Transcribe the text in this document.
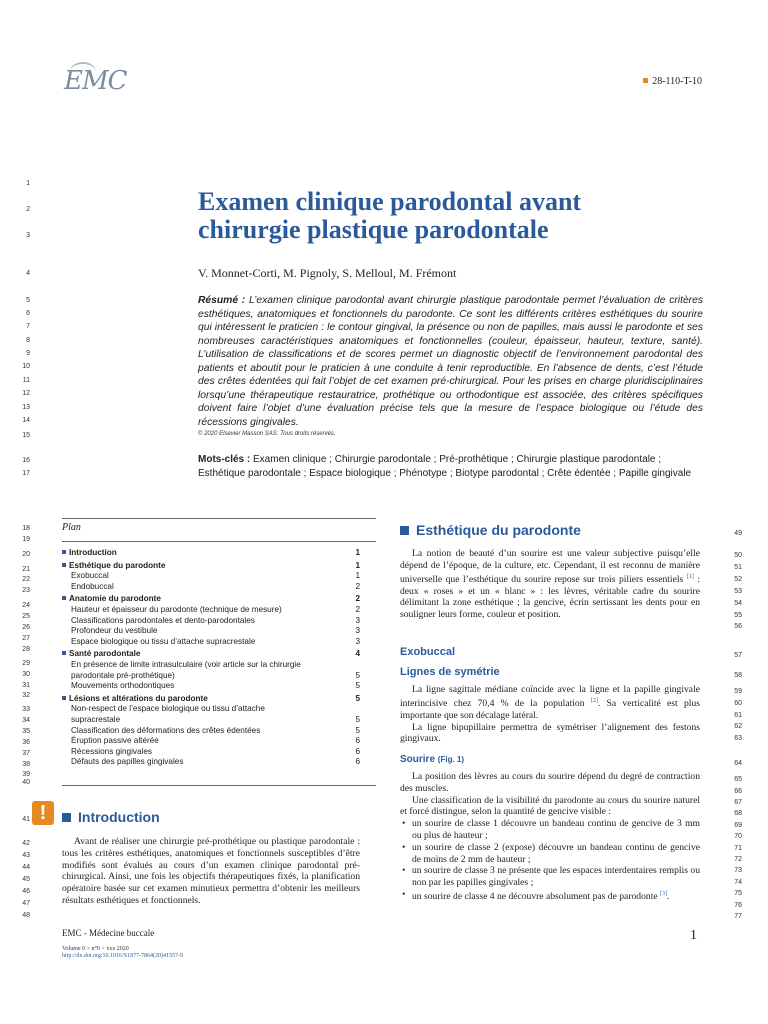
EMC	28-110-T-10
Examen clinique parodontal avant
chirurgie plastique parodontale
V. Monnet-Corti, M. Pignoly, S. Melloul, M. Frémont
Résumé : L’examen clinique parodontal avant chirurgie plastique parodontale permet l’évaluation de critères esthétiques, anatomiques et fonctionnels du parodonte. Ce sont les différents critères esthétiques du sourire qui intéressent le praticien : le contour gingival, la présence ou non de papilles, mais aussi le parodonte et ses nombreuses caractéristiques anatomiques et fonctionnelles (couleur, épaisseur, hauteur, texture, santé). L’utilisation de classifications et de scores permet un diagnostic objectif de l’environnement parodontal des patients et aboutit pour le praticien à une conduite à tenir reproductible. En l’absence de dents, c’est l’étude des crêtes édentées qui fait l’objet de cet examen pré-chirurgical. Pour les prises en charge pluridisciplinaires lorsqu’une thérapeutique restauratrice, prothétique ou orthodontique est associée, des critères spécifiques doivent faire l’objet d’une évaluation précise tels que la mesure de l’espace biologique ou l’étude des récessions gingivales.
© 2020 Elsevier Masson SAS. Tous droits réservés.
Mots-clés : Examen clinique ; Chirurgie parodontale ; Pré-prothétique ; Chirurgie plastique parodontale ; Esthétique parodontale ; Espace biologique ; Phénotype ; Biotype parodontal ; Crête édentée ; Papille gingivale
Plan
Introduction	1
Esthétique du parodonte	1
Exobuccal	1
Endobuccal	2
Anatomie du parodonte	2
Hauteur et épaisseur du parodonte (technique de mesure)	2
Classifications parodontales et dento-parodontales	3
Profondeur du vestibule	3
Espace biologique ou tissu d’attache supracrestale	3
Santé parodontale	4
En présence de limite intrasulculaire (voir article sur la chirurgie
parodontale pré-prothétique)	5
Mouvements orthodontiques	5
Lésions et altérations du parodonte	5
Non-respect de l’espace biologique ou tissu d’attache
supracrestale	5
Classification des déformations des crêtes édentées	5
Éruption passive altérée	6
Récessions gingivales	6
Défauts des papilles gingivales	6
!	Introduction

Avant de réaliser une chirurgie pré-prothétique ou plastique parodontale : tous les critères esthétiques, anatomiques et fonctionnels susceptibles d’être modifiés sont évalués au cours d’un examen clinique parodontal pré-chirurgical. Ainsi, une fois les objectifs thérapeutiques fixés, la planification opératoire basée sur cet examen minutieux permettra d’obtenir les meilleurs résultats esthétiques et fonctionnels.

Esthétique du parodonte

La notion de beauté d’un sourire est une valeur subjective puisqu’elle dépend de l’époque, de la culture, etc. Cependant, il est reconnu de manière universelle que l’esthétique du sourire repose sur trois piliers essentiels [1] : deux « roses » et un « blanc » : les lèvres, véritable cadre du sourire délimitant la zone esthétique ; la gencive, écrin sertissant les dents pour en souligner leurs forme, couleur et position.

Exobuccal
Lignes de symétrie

La ligne sagittale médiane coïncide avec la ligne et la papille gingivale interincisive chez 70,4 % de la population [2]. Sa verticalité est plus importante que son décalage latéral.

La ligne bipupillaire permettra de symétriser l’alignement des festons gingivaux.

Sourire (Fig. 1)

La position des lèvres au cours du sourire dépend du degré de contraction des muscles.

Une classification de la visibilité du parodonte au cours du sourire naturel et forcé distingue, selon la quantité de gencive visible :

• un sourire de classe 1 découvre un bandeau continu de gencive de 3 mm ou plus de hauteur ;
• un sourire de classe 2 (expose) découvre un bandeau continu de gencive de moins de 2 mm de hauteur ;
• un sourire de classe 3 ne présente que les espaces interdentaires remplis ou non par les papilles gingivales ;
• un sourire de classe 4 ne découvre absolument pas de parodonte [3].
EMC - Médecine buccale
Volume 0 > n°0 > xxx 2020
http://dx.doi.org/10.1016/S1877-7864(20)41557-9
1
1
2
3
4
5
6
7
8
9
10
11
12
13
14
15
16
17
18
19
20
21
22
23
24
25
26
27
28
29
30
31
32
33
34
35
36
37
38
39
40
41
42
43
44
45
46
47
48
49
50
51
52
53
54
55
56
57
58
59
60
61
62
63
64
65
66
67
68
69
70
71
72
73
74
75
76
77
